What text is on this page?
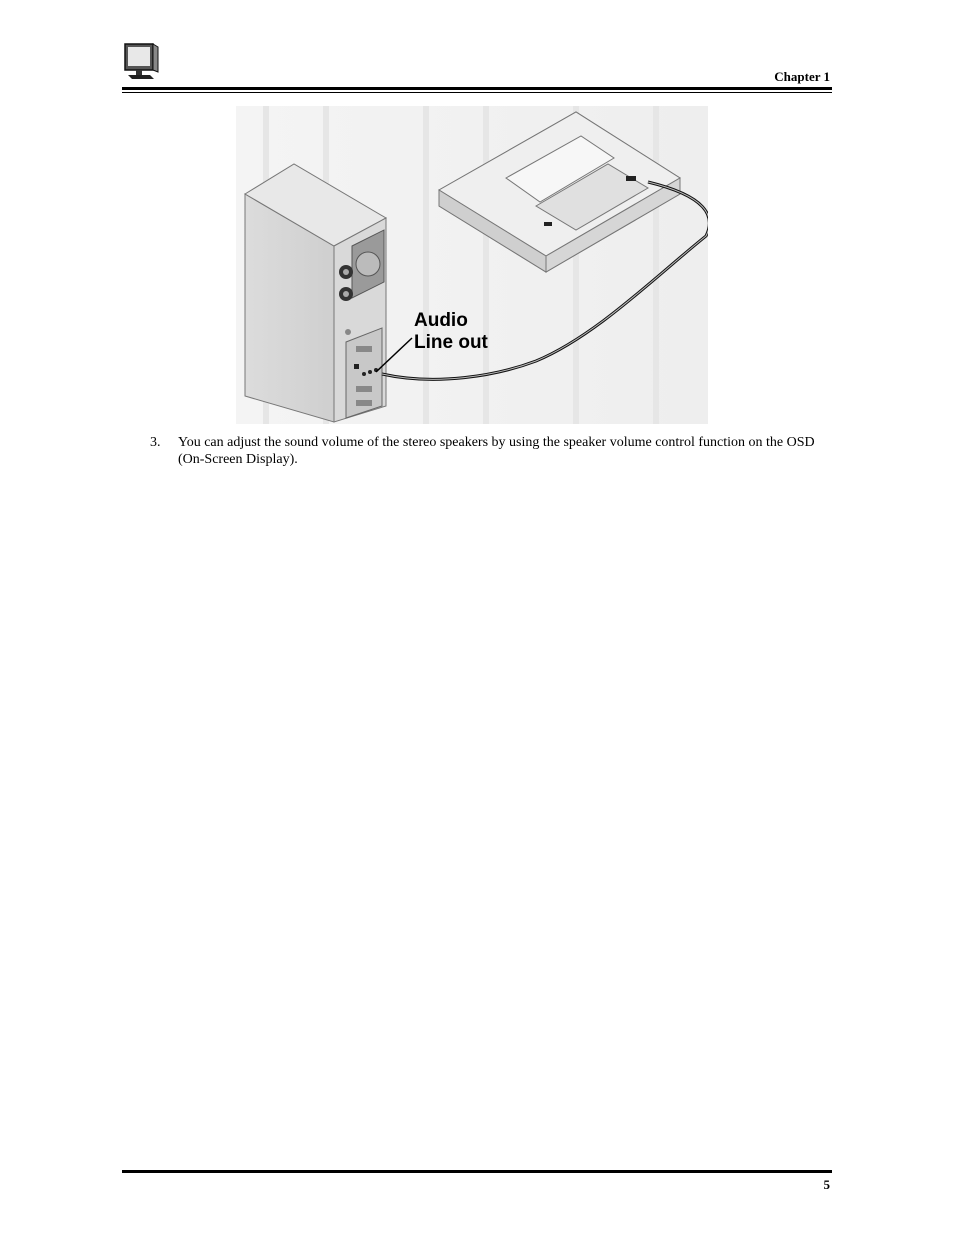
Chapter 1
Audio
Line out
3. You can adjust the sound volume of the stereo speakers by using the speaker volume control function on the OSD (On-Screen Display).
5
